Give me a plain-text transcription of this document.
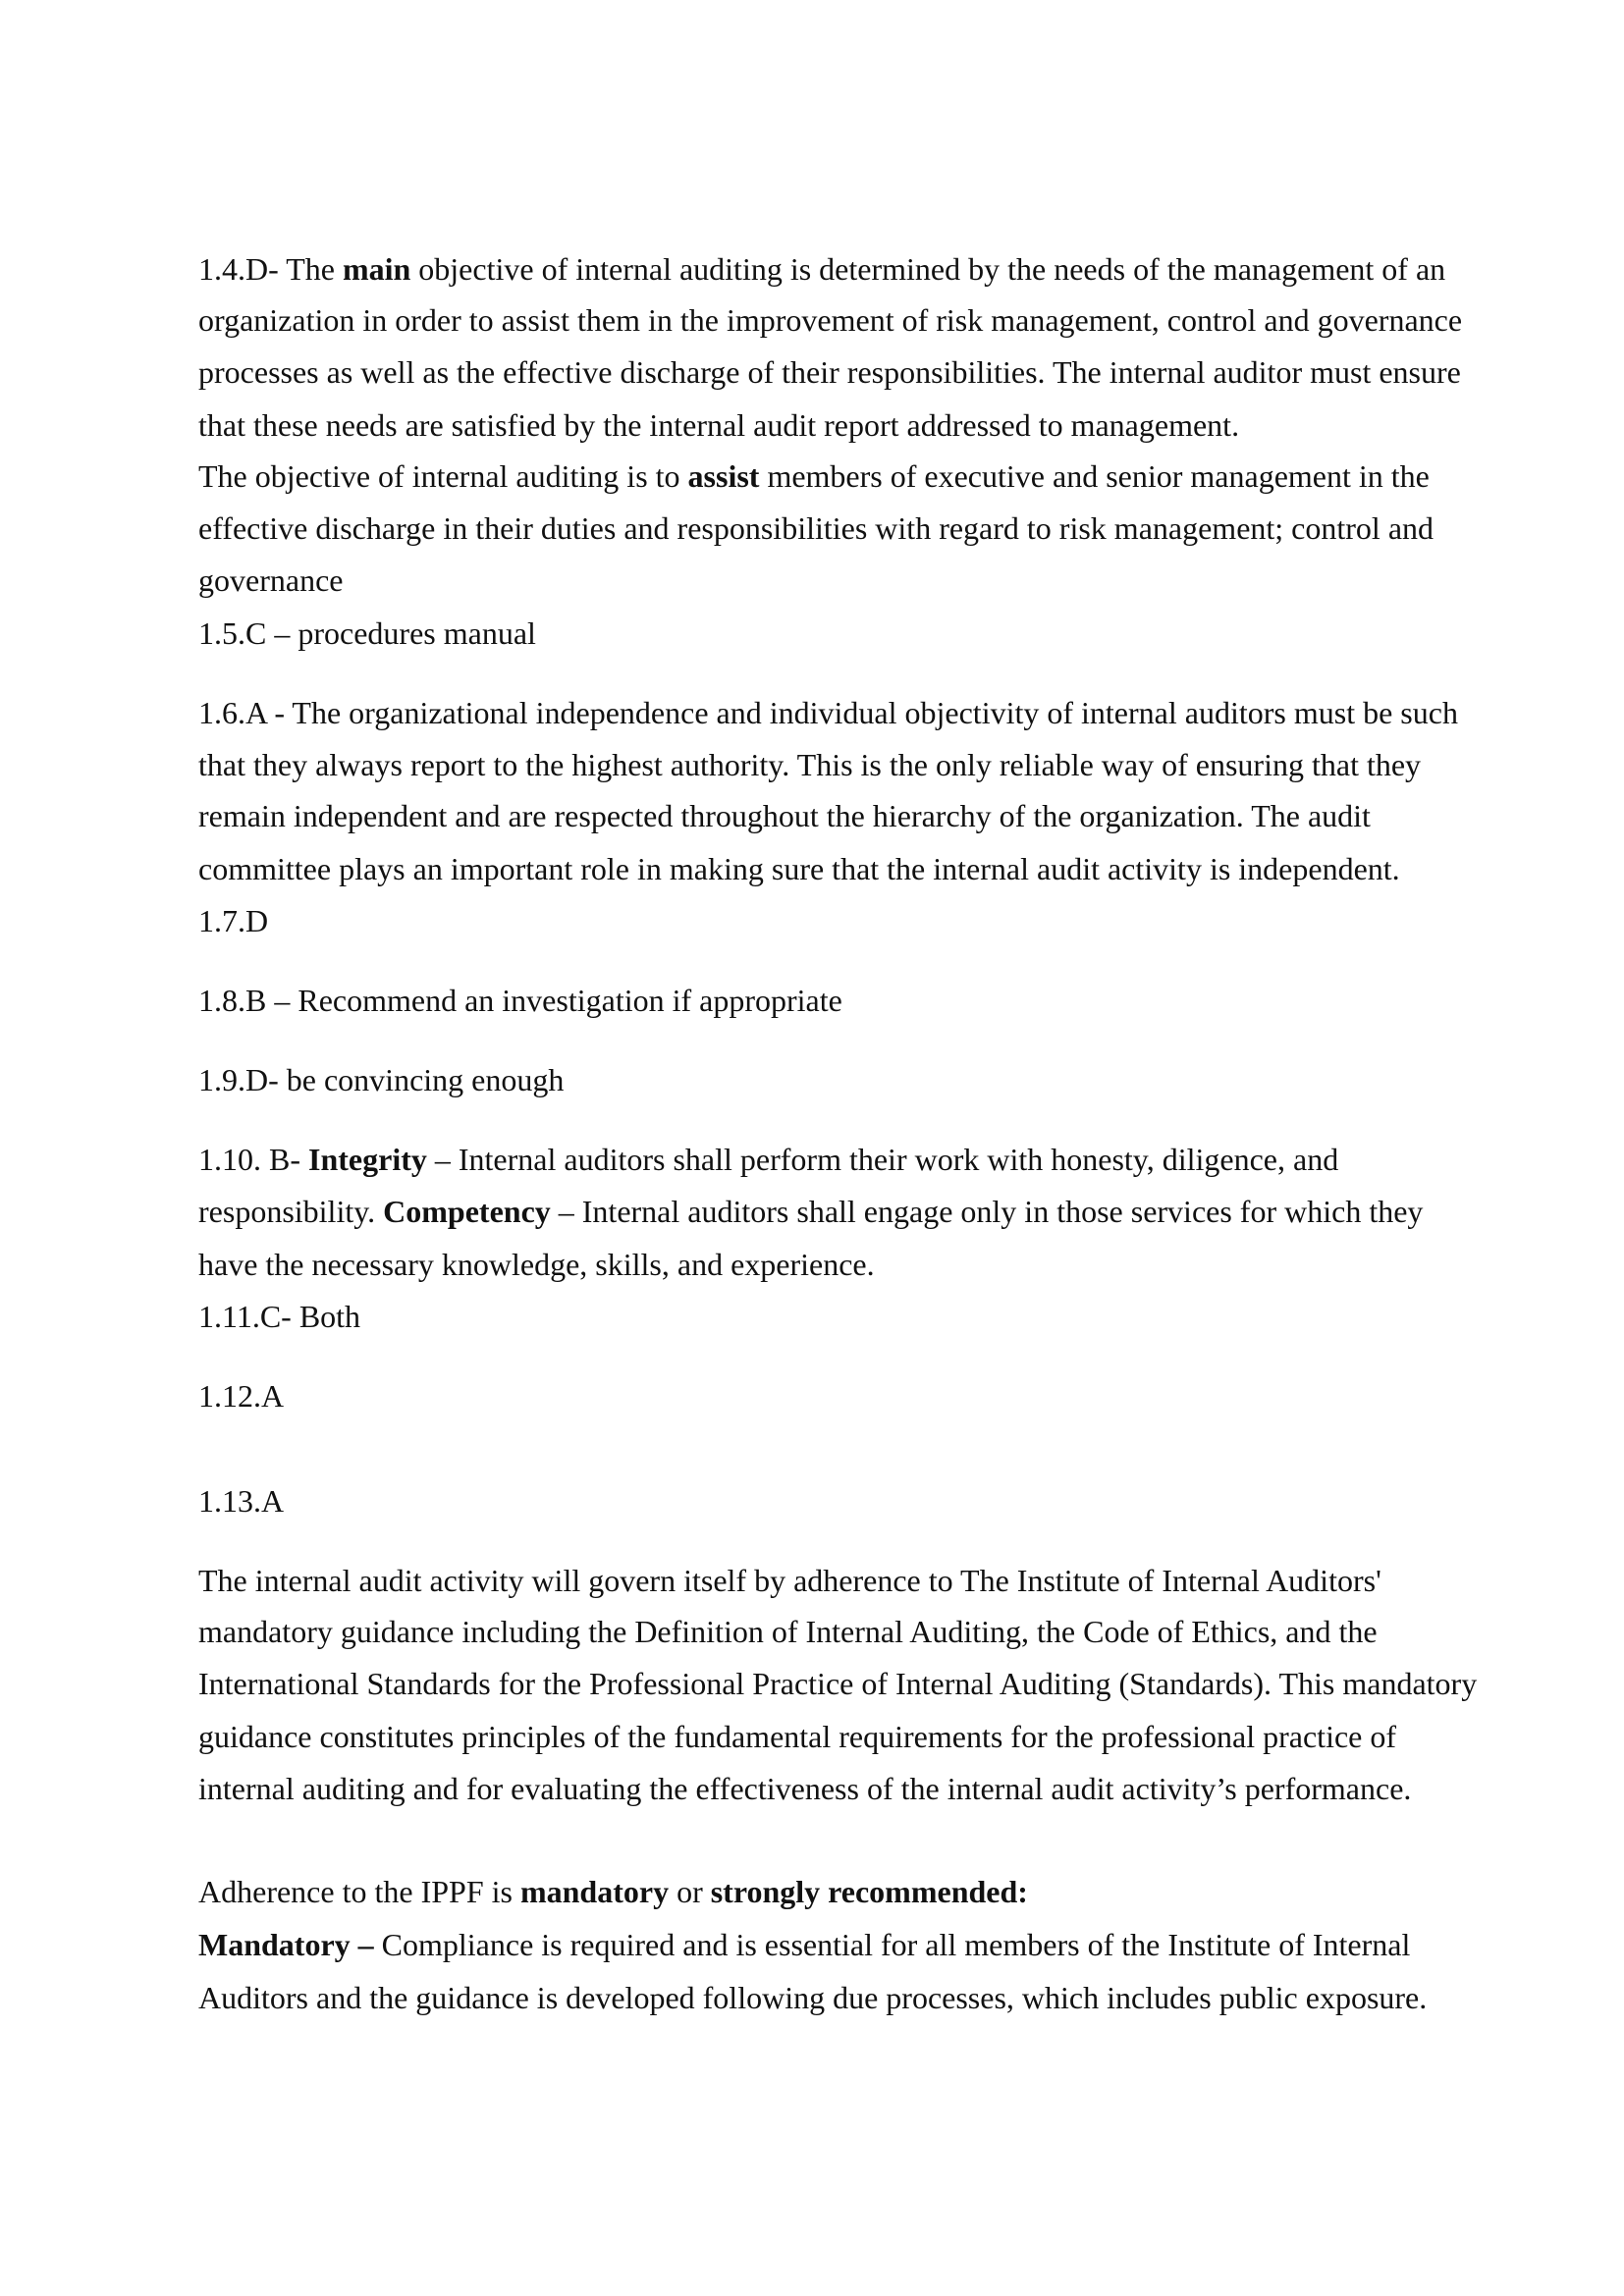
1.4.D- The main objective of internal auditing is determined by the needs of the management of an
organization in order to assist them in the improvement of risk management, control and governance
processes as well as the effective discharge of their responsibilities. The internal auditor must ensure
that these needs are satisfied by the internal audit report addressed to management.
The objective of internal auditing is to assist members of executive and senior management in the
effective discharge in their duties and responsibilities with regard to risk management; control and
governance
1.5.C – procedures manual
1.6.A - The organizational independence and individual objectivity of internal auditors must be such
that they always report to the highest authority. This is the only reliable way of ensuring that they
remain independent and are respected throughout the hierarchy of the organization. The audit
committee plays an important role in making sure that the internal audit activity is independent.
1.7.D
1.8.B – Recommend an investigation if appropriate
1.9.D- be convincing enough
1.10. B- Integrity – Internal auditors shall perform their work with honesty, diligence, and
responsibility. Competency – Internal auditors shall engage only in those services for which they
have the necessary knowledge, skills, and experience.
1.11.C- Both
1.12.A
1.13.A
The internal audit activity will govern itself by adherence to The Institute of Internal Auditors'
mandatory guidance including the Definition of Internal Auditing, the Code of Ethics, and the
International Standards for the Professional Practice of Internal Auditing (Standards). This mandatory
guidance constitutes principles of the fundamental requirements for the professional practice of
internal auditing and for evaluating the effectiveness of the internal audit activity’s performance.
Adherence to the IPPF is mandatory or strongly recommended:
Mandatory – Compliance is required and is essential for all members of the Institute of Internal
Auditors and the guidance is developed following due processes, which includes public exposure.
